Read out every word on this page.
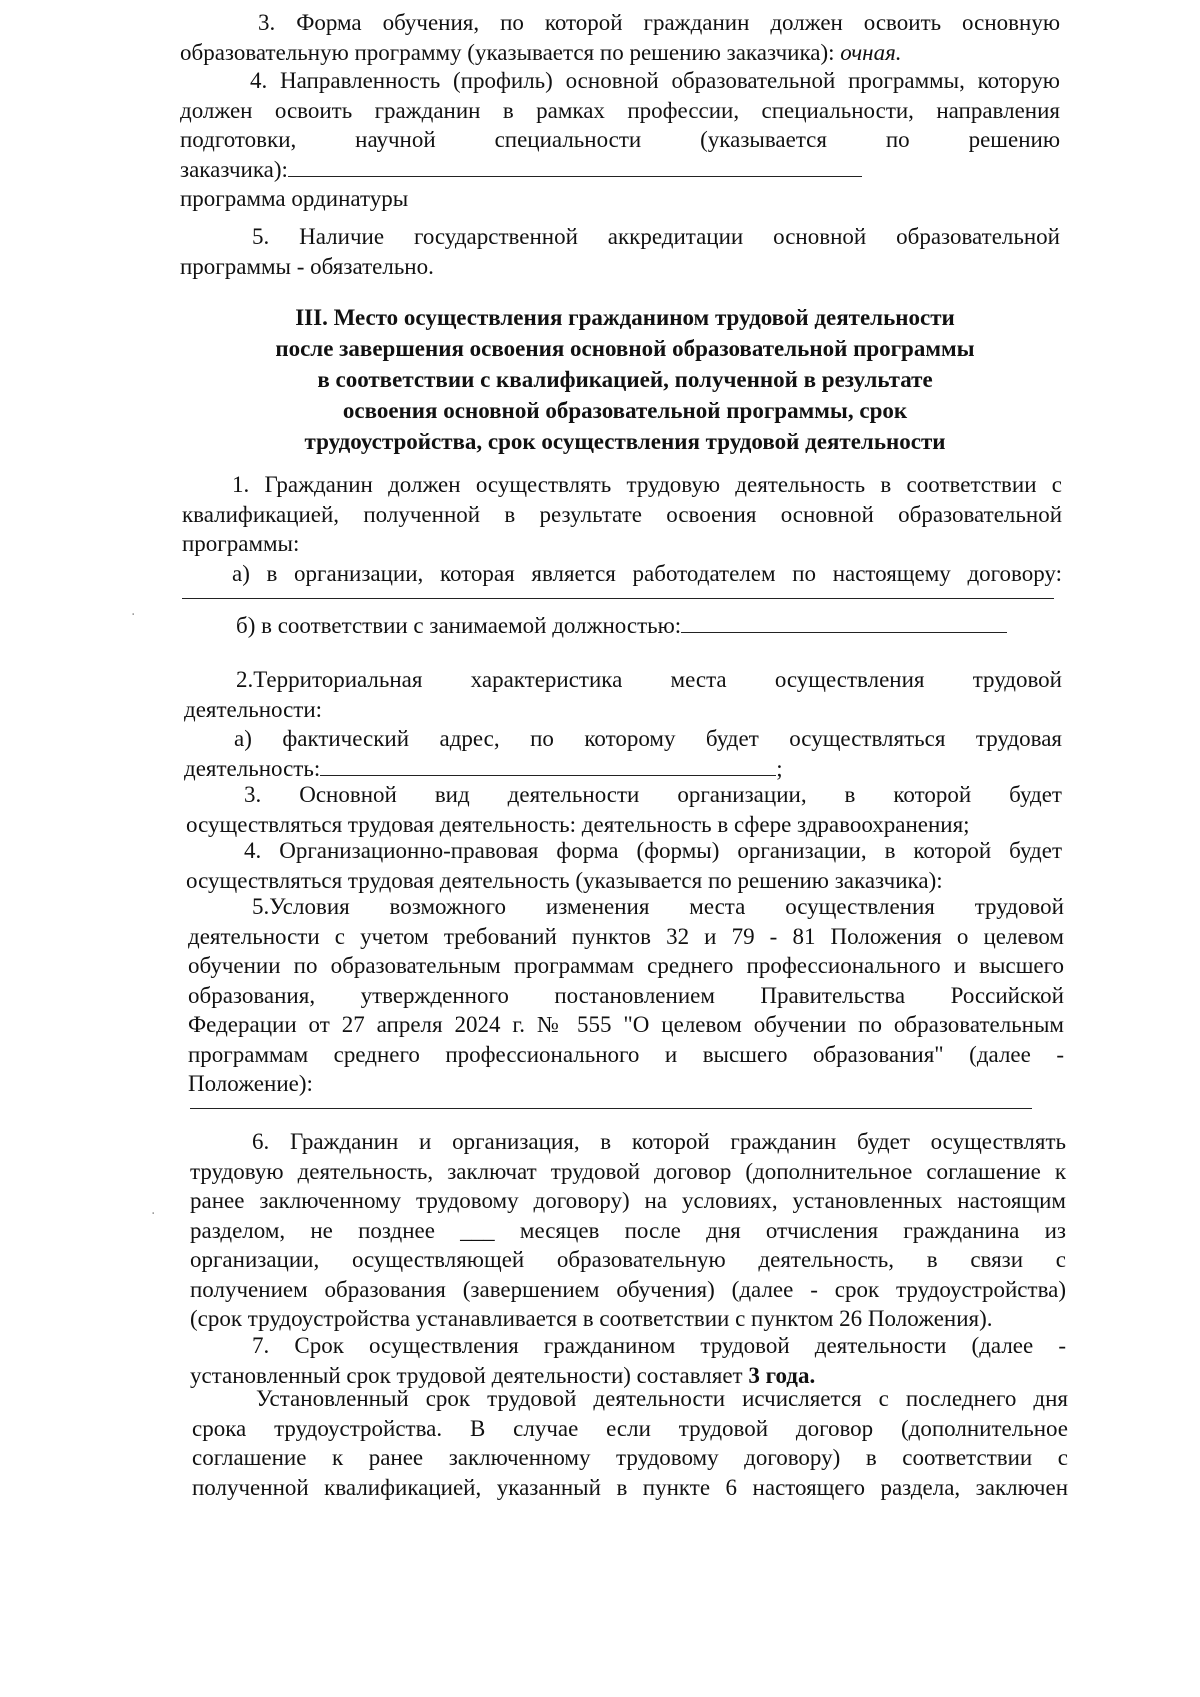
3. Форма обучения, по которой гражданин должен освоить основную
образовательную программу (указывается по решению заказчика): очная.
4. Направленность (профиль) основной образовательной программы, которую
должен освоить гражданин в рамках профессии, специальности, направления
подготовки, научной специальности (указывается по решению
заказчика):
программа ординатуры
5. Наличие государственной аккредитации основной образовательной
программы - обязательно.
III. Место осуществления гражданином трудовой деятельности
после завершения освоения основной образовательной программы
в соответствии с квалификацией, полученной в результате
освоения основной образовательной программы, срок
трудоустройства, срок осуществления трудовой деятельности
1. Гражданин должен осуществлять трудовую деятельность в соответствии с
квалификацией, полученной в результате освоения основной образовательной
программы:
а) в организации, которая является работодателем по настоящему договору:
б) в соответствии с занимаемой должностью:
2.Территориальная характеристика места осуществления трудовой
деятельности:
а) фактический адрес, по которому будет осуществляться трудовая
деятельность:	;
3. Основной вид деятельности организации, в которой будет
осуществляться трудовая деятельность: деятельность в сфере здравоохранения;
4. Организационно-правовая форма (формы) организации, в которой будет
осуществляться трудовая деятельность (указывается по решению заказчика):
5.Условия возможного изменения места осуществления трудовой
деятельности с учетом требований пунктов 32 и 79 - 81 Положения о целевом
обучении по образовательным программам среднего профессионального и высшего
образования, утвержденного постановлением Правительства Российской
Федерации от 27 апреля 2024 г. № 555 "О целевом обучении по образовательным
программам среднего профессионального и высшего образования" (далее -
Положение):
6. Гражданин и организация, в которой гражданин будет осуществлять
трудовую деятельность, заключат трудовой договор (дополнительное соглашение к
ранее заключенному трудовому договору) на условиях, установленных настоящим
разделом, не позднее ___ месяцев после дня отчисления гражданина из
организации, осуществляющей образовательную деятельность, в связи с
получением образования (завершением обучения) (далее - срок трудоустройства)
(срок трудоустройства устанавливается в соответствии с пунктом 26 Положения).
7. Срок осуществления гражданином трудовой деятельности (далее -
установленный срок трудовой деятельности) составляет 3 года.
Установленный срок трудовой деятельности исчисляется с последнего дня
срока трудоустройства. В случае если трудовой договор (дополнительное
соглашение к ранее заключенному трудовому договору) в соответствии с
полученной квалификацией, указанный в пункте 6 настоящего раздела, заключен
·
·
